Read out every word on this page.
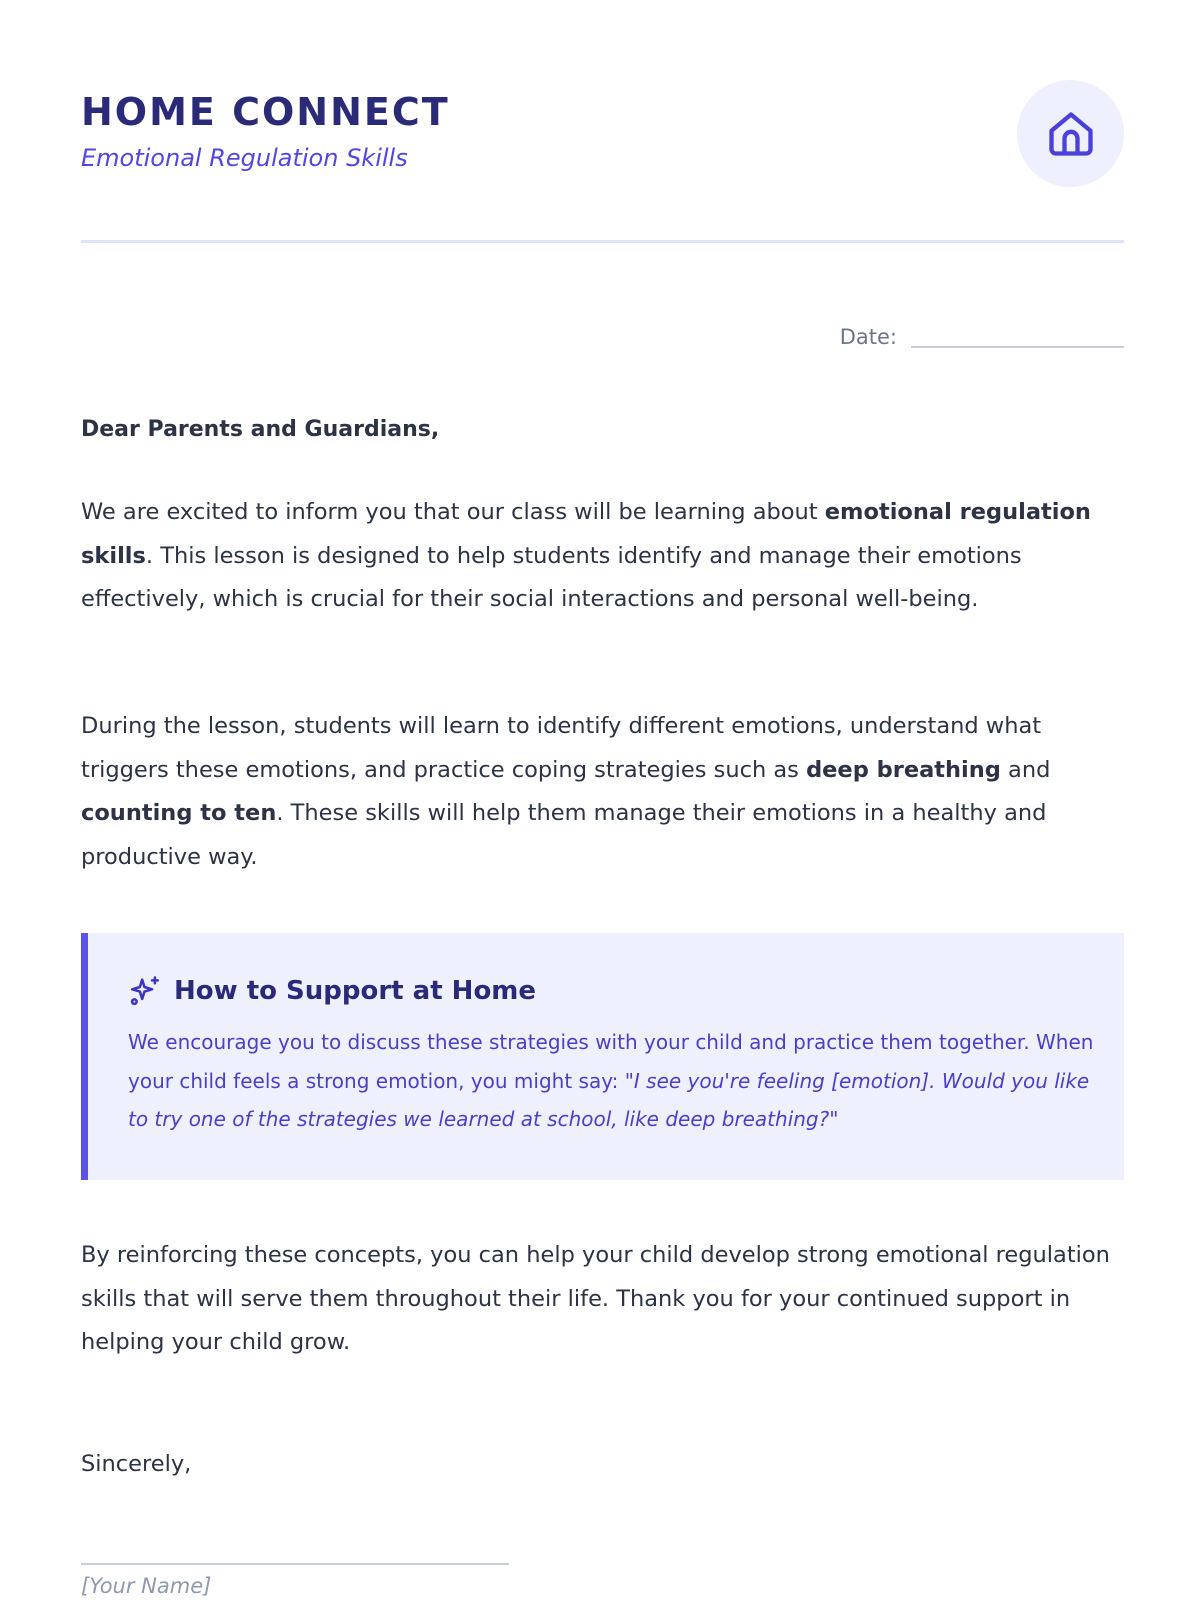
HOME CONNECT
Emotional Regulation Skills
Date:
Dear Parents and Guardians,
We are excited to inform you that our class will be learning about emotional regulation skills. This lesson is designed to help students identify and manage their emotions effectively, which is crucial for their social interactions and personal well-being.
During the lesson, students will learn to identify different emotions, understand what triggers these emotions, and practice coping strategies such as deep breathing and counting to ten. These skills will help them manage their emotions in a healthy and productive way.
How to Support at Home
We encourage you to discuss these strategies with your child and practice them together. When your child feels a strong emotion, you might say: "I see you're feeling [emotion]. Would you like to try one of the strategies we learned at school, like deep breathing?"
By reinforcing these concepts, you can help your child develop strong emotional regulation skills that will serve them throughout their life. Thank you for your continued support in helping your child grow.
Sincerely,
[Your Name]
